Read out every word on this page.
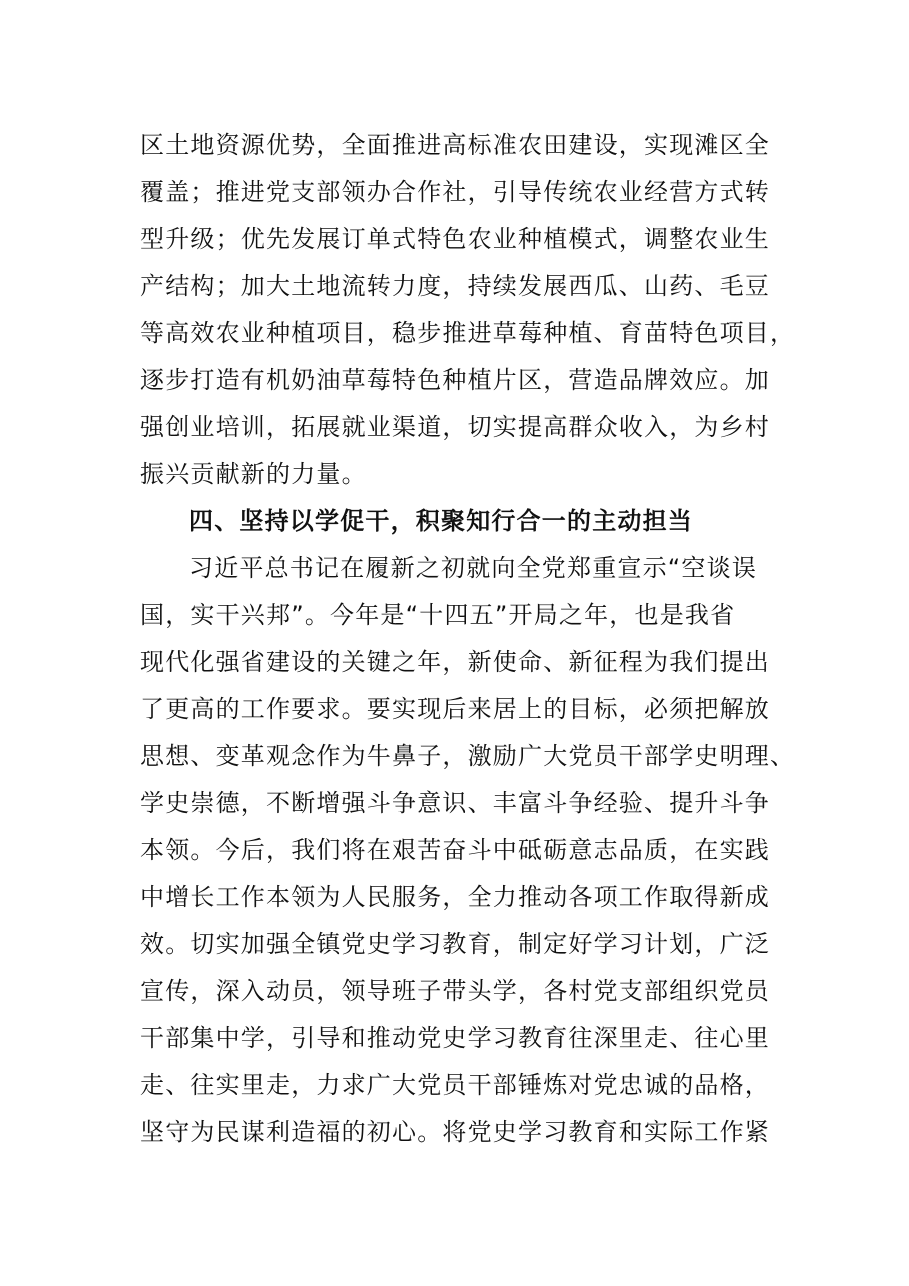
区土地资源优势，全面推进高标准农田建设，实现滩区全
覆盖；推进党支部领办合作社，引导传统农业经营方式转
型升级；优先发展订单式特色农业种植模式，调整农业生
产结构；加大土地流转力度，持续发展西瓜、山药、毛豆
等高效农业种植项目，稳步推进草莓种植、育苗特色项目，
逐步打造有机奶油草莓特色种植片区，营造品牌效应。加
强创业培训，拓展就业渠道，切实提高群众收入，为乡村
振兴贡献新的力量。
四、坚持以学促干，积聚知行合一的主动担当
习近平总书记在履新之初就向全党郑重宣示“空谈误
国，实干兴邦”。今年是“十四五”开局之年，也是我省
现代化强省建设的关键之年，新使命、新征程为我们提出
了更高的工作要求。要实现后来居上的目标，必须把解放
思想、变革观念作为牛鼻子，激励广大党员干部学史明理、
学史崇德，不断增强斗争意识、丰富斗争经验、提升斗争
本领。今后，我们将在艰苦奋斗中砥砺意志品质，在实践
中增长工作本领为人民服务，全力推动各项工作取得新成
效。切实加强全镇党史学习教育，制定好学习计划，广泛
宣传，深入动员，领导班子带头学，各村党支部组织党员
干部集中学，引导和推动党史学习教育往深里走、往心里
走、往实里走，力求广大党员干部锤炼对党忠诚的品格，
坚守为民谋利造福的初心。将党史学习教育和实际工作紧
